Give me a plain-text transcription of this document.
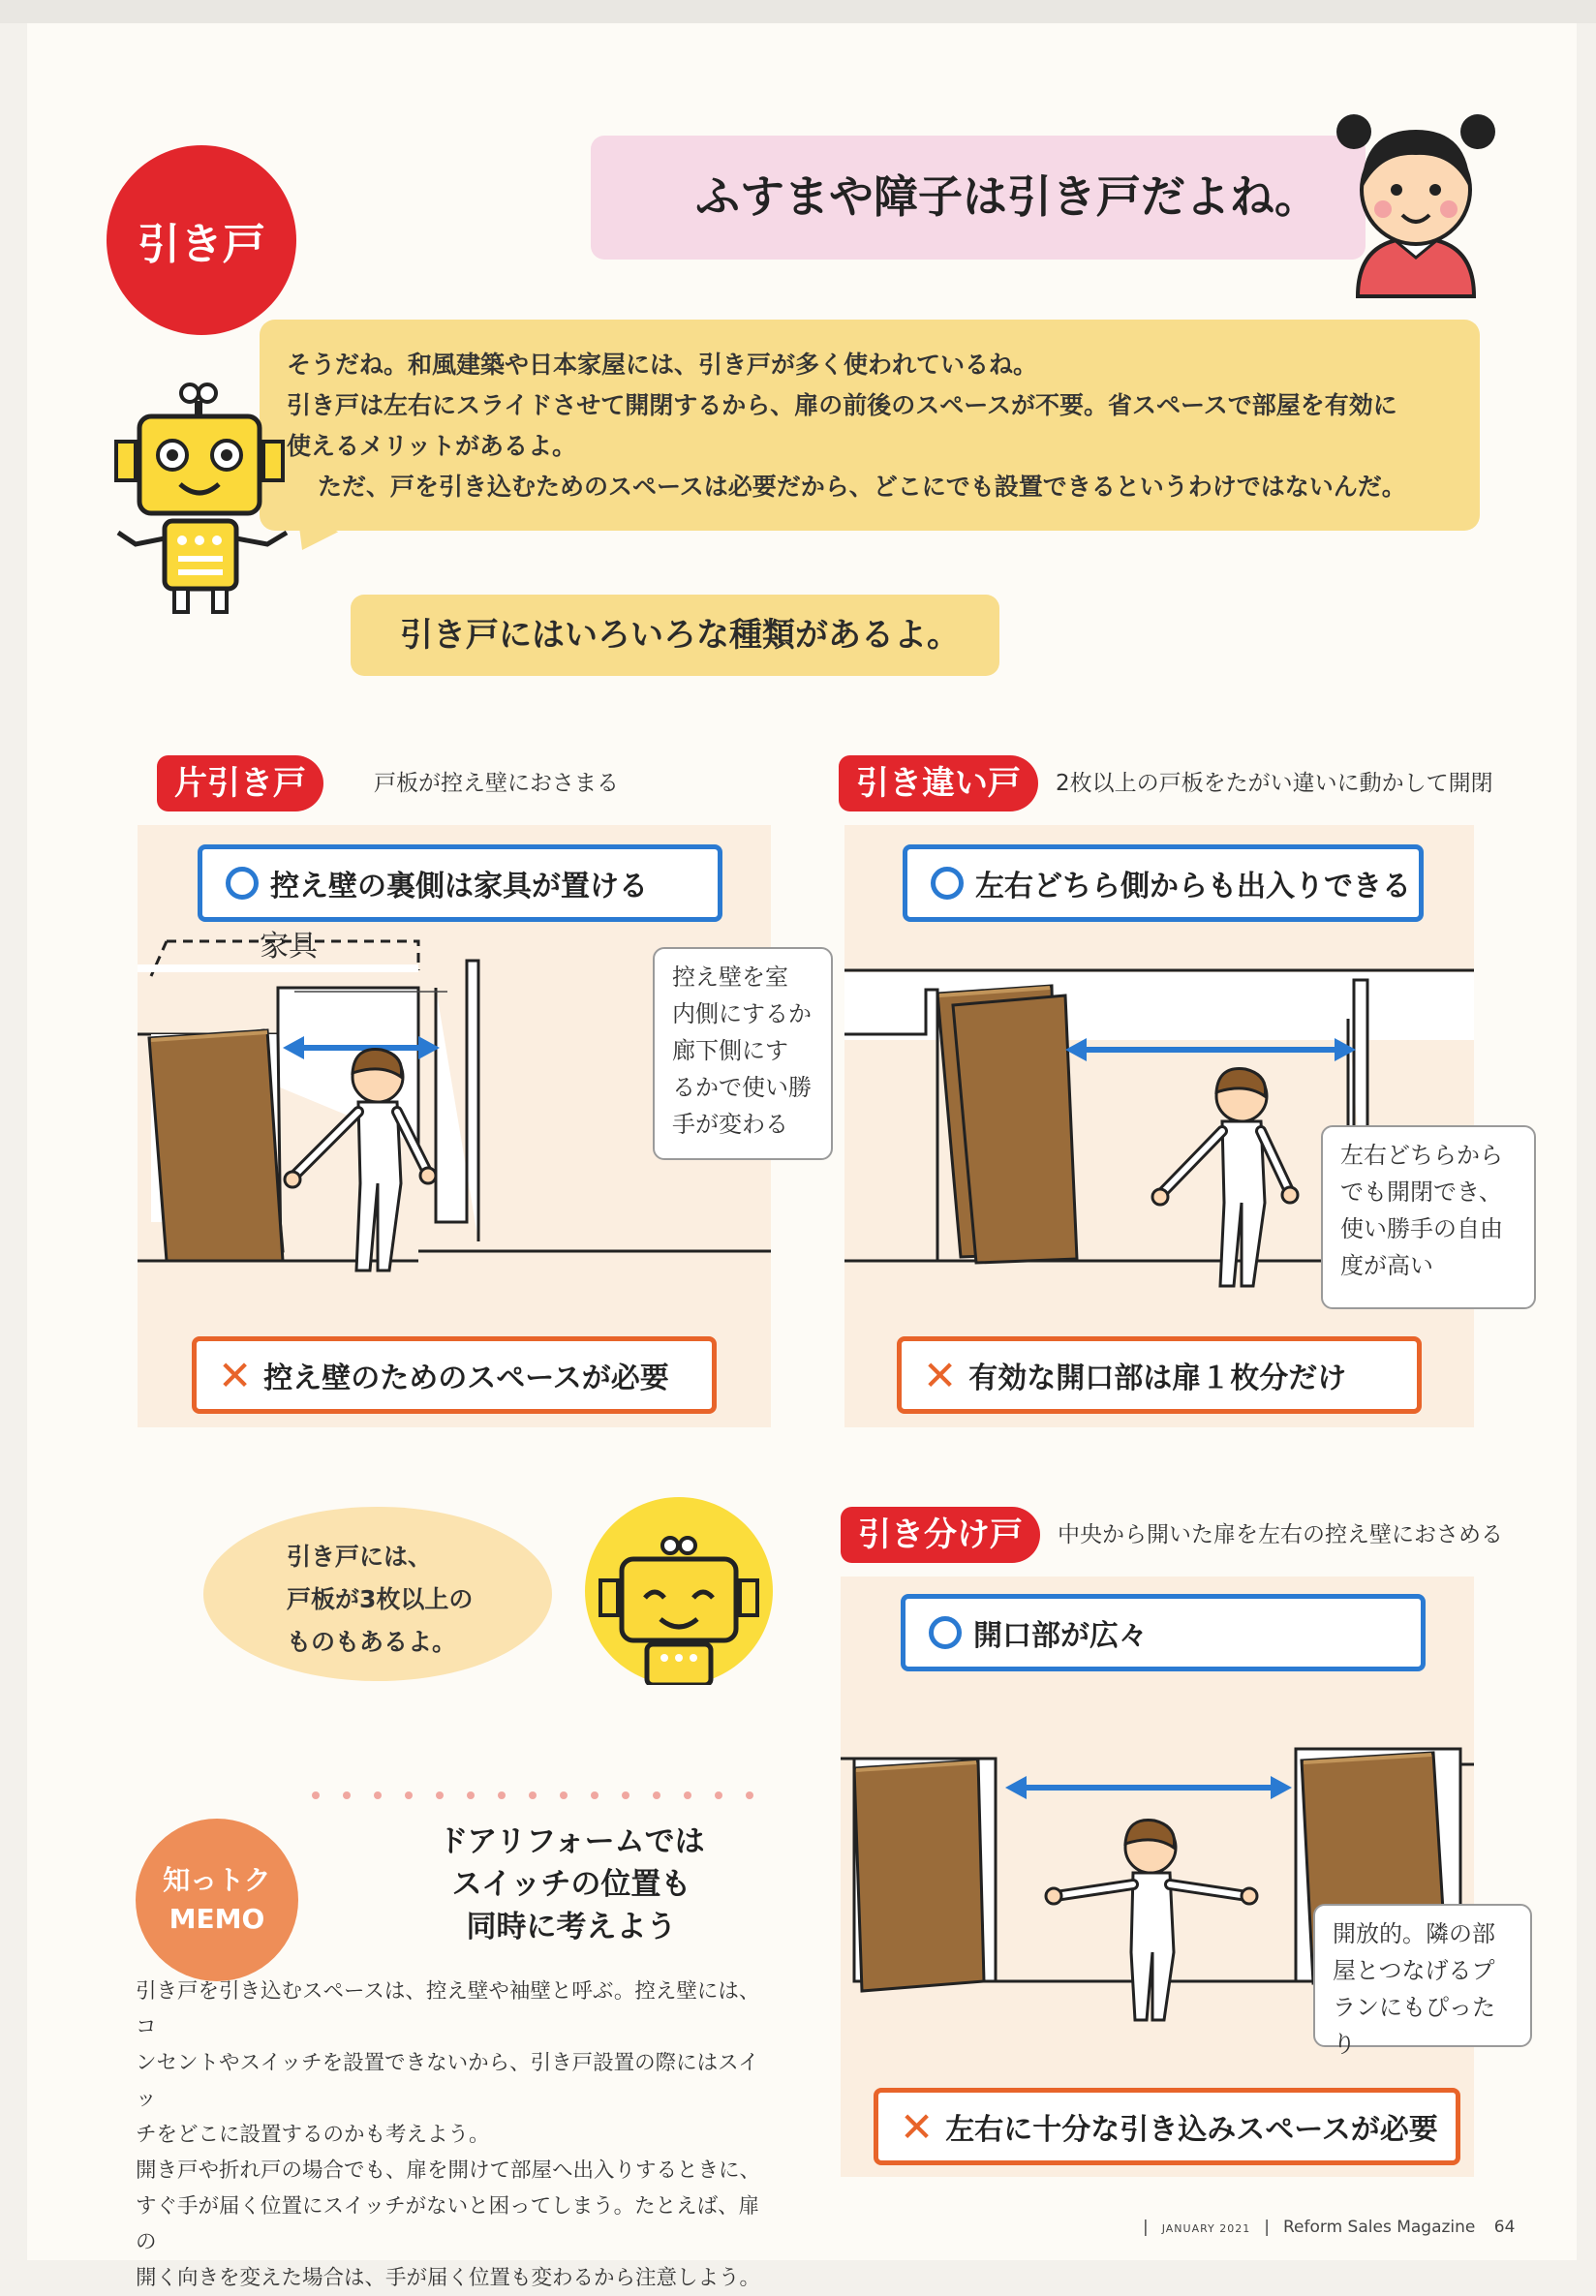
引き戸
ふすまや障子は引き戸だよね。

そうだね。和風建築や日本家屋には、引き戸が多く使われているね。

引き戸は左右にスライドさせて開閉するから、扉の前後のスペースが不要。省スペースで部屋を有効に

使えるメリットがあるよ。

ただ、戸を引き込むためのスペースは必要だから、どこにでも設置できるというわけではないんだ。

引き戸にはいろいろな種類があるよ。
片引き戸	戸板が控え壁におさまる
控え壁の裏側は家具が置ける
家具
控え壁を室
内側にするか
廊下側にす
るかで使い勝
手が変わる
✕ 控え壁のためのスペースが必要
引き違い戸	2枚以上の戸板をたがい違いに動かして開閉
左右どちら側からも出入りできる
左右どちらから
でも開閉でき、
使い勝手の自由
度が高い
✕ 有効な開口部は扉１枚分だけ
引き戸には、
戸板が3枚以上の
ものもあるよ。
引き分け戸	中央から開いた扉を左右の控え壁におさめる
開口部が広々
開放的。隣の部
屋とつなげるプ
ランにもぴったり
✕ 左右に十分な引き込みスペースが必要
知っトク
MEMO
ドアリフォームでは
スイッチの位置も
同時に考えよう

引き戸を引き込むスペースは、控え壁や袖壁と呼ぶ。控え壁には、コ

ンセントやスイッチを設置できないから、引き戸設置の際にはスイッ

チをどこに設置するのかも考えよう。

開き戸や折れ戸の場合でも、扉を開けて部屋へ出入りするときに、

すぐ手が届く位置にスイッチがないと困ってしまう。たとえば、扉の

開く向きを変えた場合は、手が届く位置も変わるから注意しよう。

| JANUARY 2021 | Reform Sales Magazine 64
